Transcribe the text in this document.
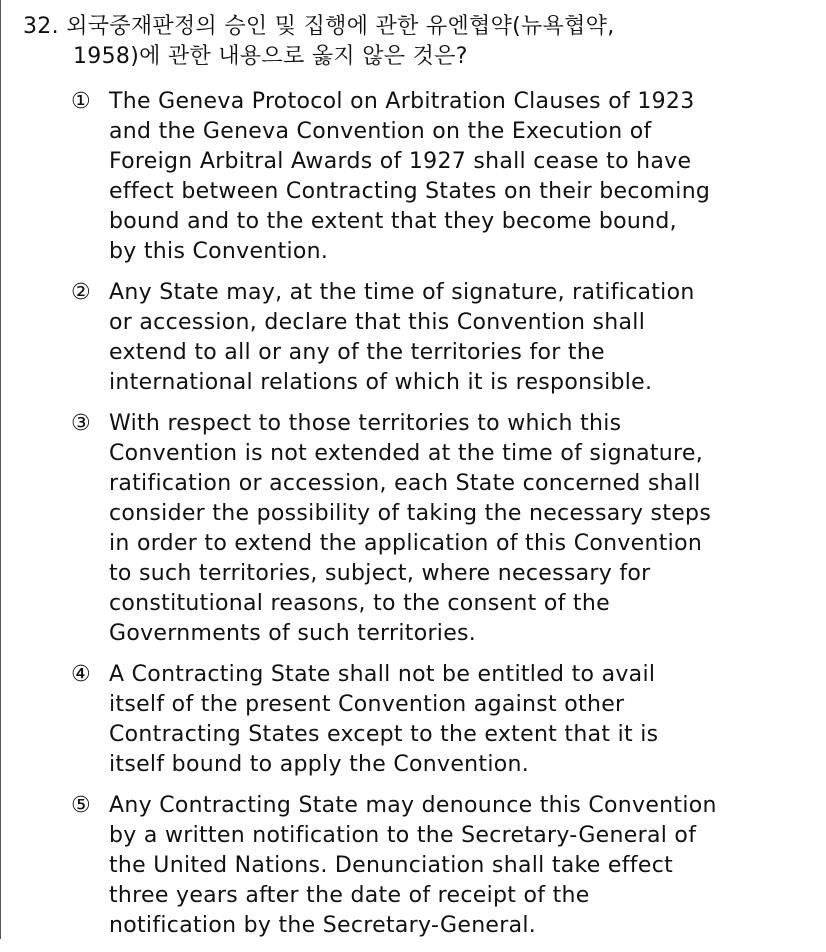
32. 외국중재판정의 승인 및 집행에 관한 유엔협약(뉴욕협약,
1958)에 관한 내용으로 옳지 않은 것은?
① The Geneva Protocol on Arbitration Clauses of 1923
and the Geneva Convention on the Execution of
Foreign Arbitral Awards of 1927 shall cease to have
effect between Contracting States on their becoming
bound and to the extent that they become bound,
by this Convention.
② Any State may, at the time of signature, ratification
or accession, declare that this Convention shall
extend to all or any of the territories for the
international relations of which it is responsible.
③ With respect to those territories to which this
Convention is not extended at the time of signature,
ratification or accession, each State concerned shall
consider the possibility of taking the necessary steps
in order to extend the application of this Convention
to such territories, subject, where necessary for
constitutional reasons, to the consent of the
Governments of such territories.
④ A Contracting State shall not be entitled to avail
itself of the present Convention against other
Contracting States except to the extent that it is
itself bound to apply the Convention.
⑤ Any Contracting State may denounce this Convention
by a written notification to the Secretary-General of
the United Nations. Denunciation shall take effect
three years after the date of receipt of the
notification by the Secretary-General.
